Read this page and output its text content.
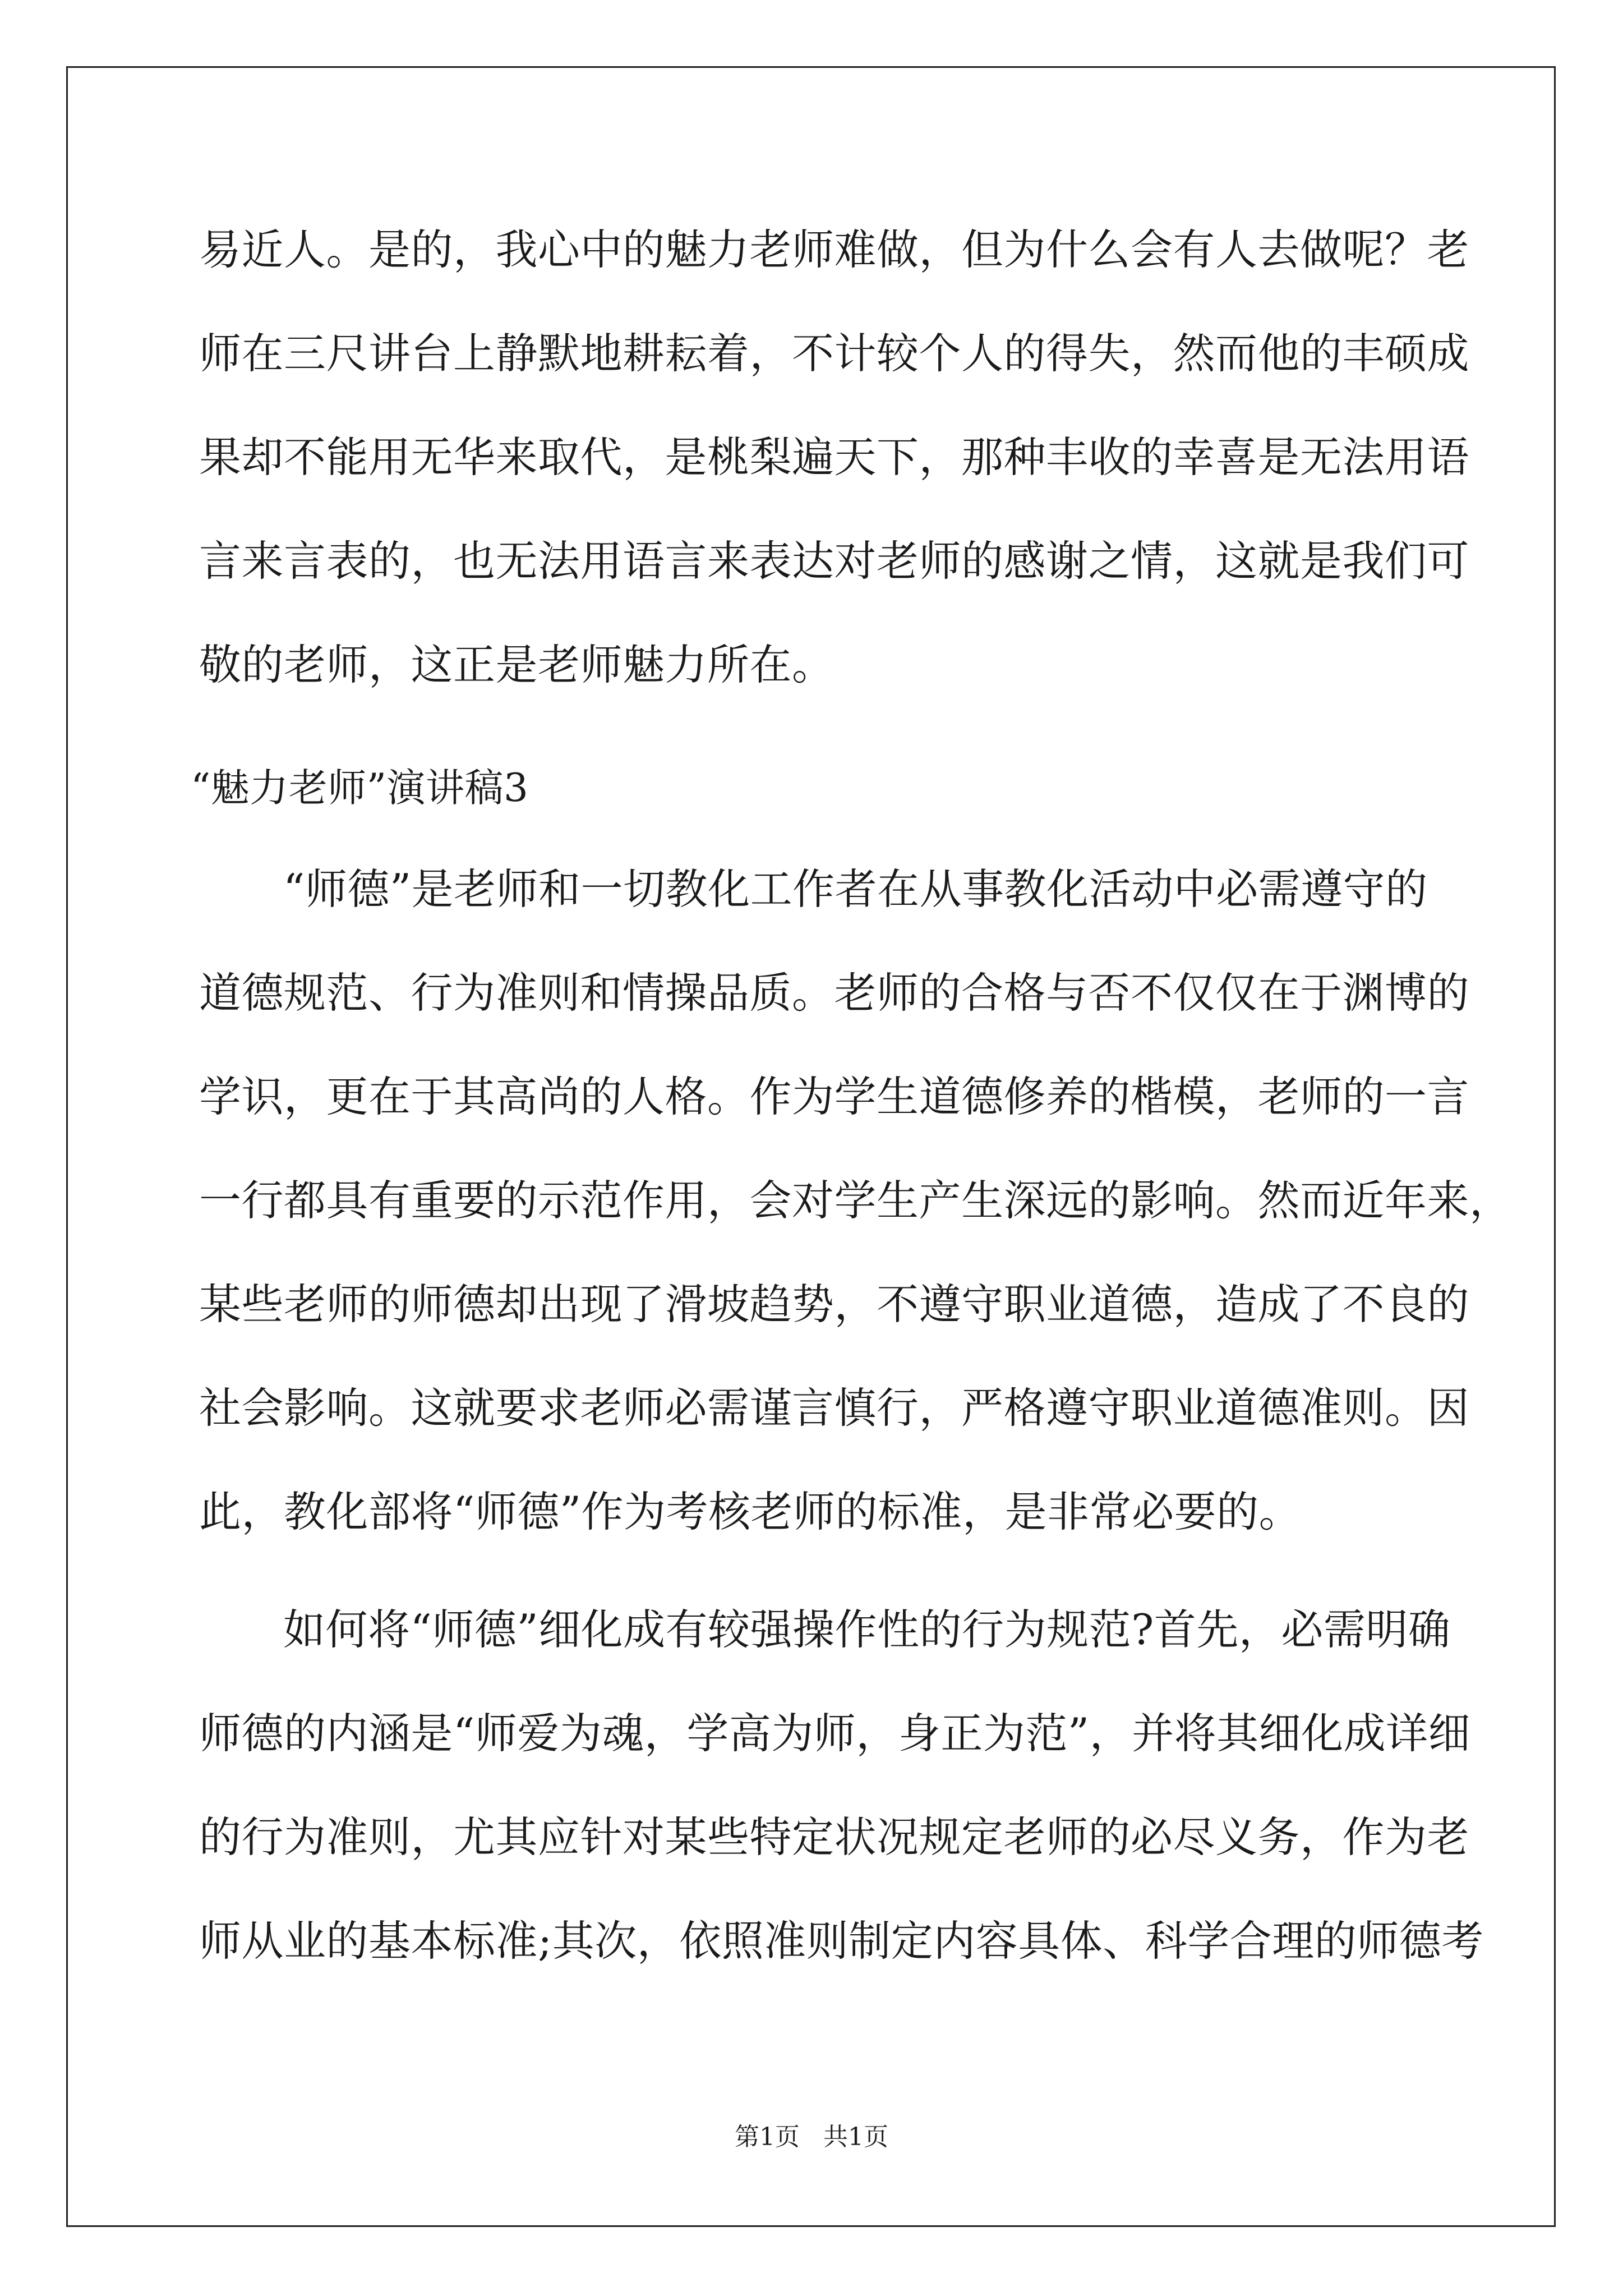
易近人。是的，我心中的魅力老师难做，但为什么会有人去做呢？老
师在三尺讲台上静默地耕耘着，不计较个人的得失，然而他的丰硕成
果却不能用无华来取代，是桃梨遍天下，那种丰收的幸喜是无法用语
言来言表的，也无法用语言来表达对老师的感谢之情，这就是我们可
敬的老师，这正是老师魅力所在。
“魅力老师”演讲稿3
“师德”是老师和一切教化工作者在从事教化活动中必需遵守的
道德规范、行为准则和情操品质。老师的合格与否不仅仅在于渊博的
学识，更在于其高尚的人格。作为学生道德修养的楷模，老师的一言
一行都具有重要的示范作用，会对学生产生深远的影响。然而近年来，
某些老师的师德却出现了滑坡趋势，不遵守职业道德，造成了不良的
社会影响。这就要求老师必需谨言慎行，严格遵守职业道德准则。因
此，教化部将“师德”作为考核老师的标准，是非常必要的。
如何将“师德”细化成有较强操作性的行为规范?首先，必需明确
师德的内涵是“师爱为魂，学高为师，身正为范”，并将其细化成详细
的行为准则，尤其应针对某些特定状况规定老师的必尽义务，作为老
师从业的基本标准;其次，依照准则制定内容具体、科学合理的师德考
第1页   共1页
